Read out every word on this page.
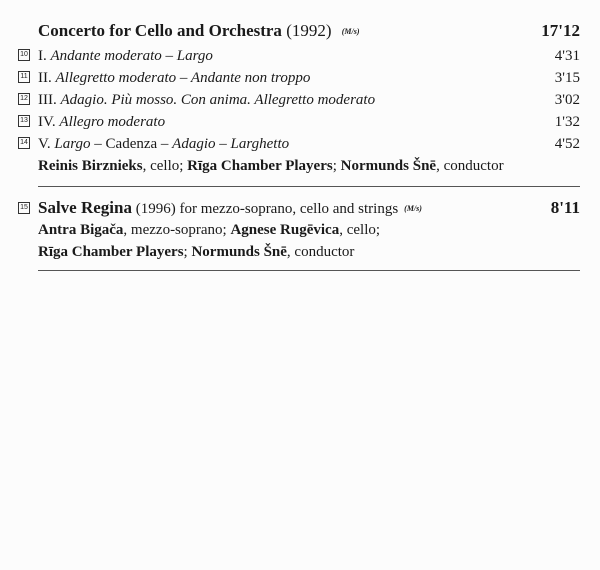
Concerto for Cello and Orchestra (1992) (M/s)	17'12
10 I. Andante moderato – Largo	4'31
11 II. Allegretto moderato – Andante non troppo	3'15
12 III. Adagio. Più mosso. Con anima. Allegretto moderato	3'02
13 IV. Allegro moderato	1'32
14 V. Largo – Cadenza – Adagio – Larghetto	4'52
Reinis Birznieks, cello; Rīga Chamber Players; Normunds Šnē, conductor
15 Salve Regina (1996) for mezzo-soprano, cello and strings (M/s)	8'11
Antra Bigača, mezzo-soprano; Agnese Rugēvica, cello;
Rīga Chamber Players; Normunds Šnē, conductor
